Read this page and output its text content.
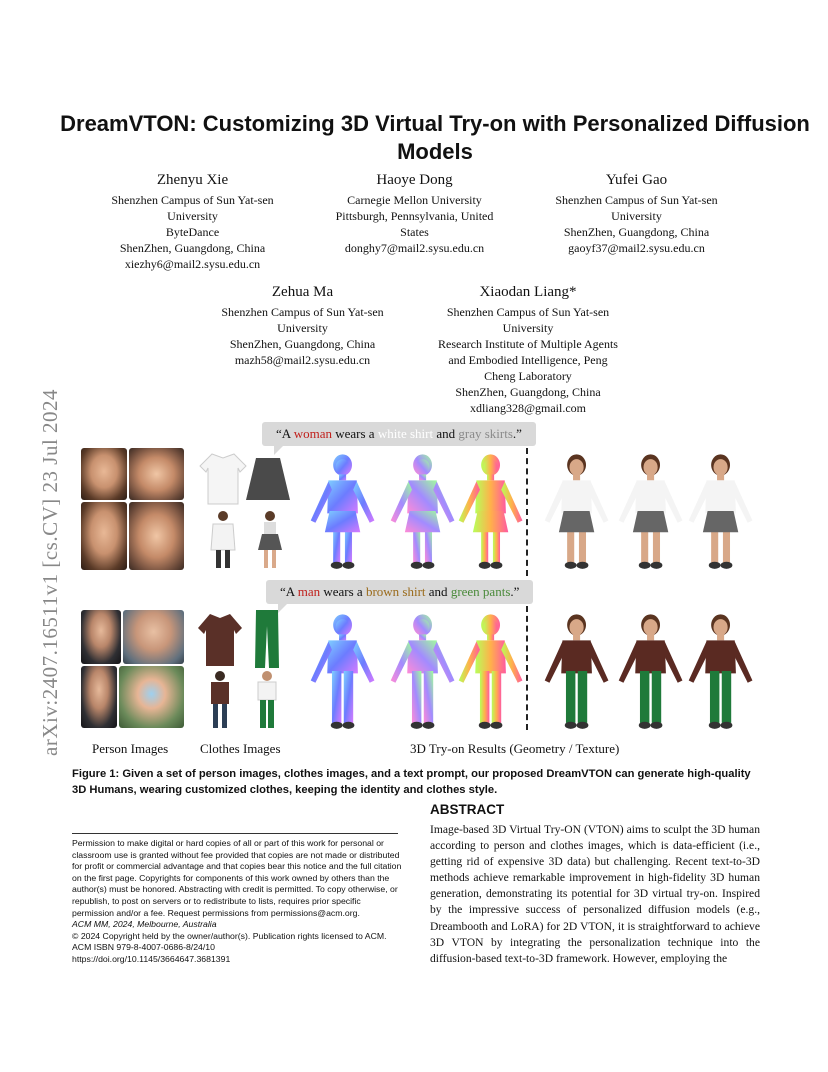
DreamVTON: Customizing 3D Virtual Try-on with Personalized Diffusion Models
Zhenyu Xie
Shenzhen Campus of Sun Yat-sen
University
ByteDance
ShenZhen, Guangdong, China
xiezhy6@mail2.sysu.edu.cn
Haoye Dong
Carnegie Mellon University
Pittsburgh, Pennsylvania, United
States
donghy7@mail2.sysu.edu.cn
Yufei Gao
Shenzhen Campus of Sun Yat-sen
University
ShenZhen, Guangdong, China
gaoyf37@mail2.sysu.edu.cn
Zehua Ma
Shenzhen Campus of Sun Yat-sen
University
ShenZhen, Guangdong, China
mazh58@mail2.sysu.edu.cn
Xiaodan Liang*
Shenzhen Campus of Sun Yat-sen
University
Research Institute of Multiple Agents
and Embodied Intelligence, Peng
Cheng Laboratory
ShenZhen, Guangdong, China
xdliang328@gmail.com
arXiv:2407.16511v1 [cs.CV] 23 Jul 2024	“A woman wears a white shirt and gray skirts.”
“A man wears a brown shirt and green pants.”
Person Images Clothes Images	3D Try-on Results (Geometry / Texture)
Figure 1: Given a set of person images, clothes images, and a text prompt, our proposed DreamVTON can generate high-quality 3D Humans, wearing customized clothes, keeping the identity and clothes style.
ABSTRACT
Image-based 3D Virtual Try-ON (VTON) aims to sculpt the 3D human according to person and clothes images, which is data-efficient (i.e., getting rid of expensive 3D data) but challenging. Recent text-to-3D methods achieve remarkable improvement in high-fidelity 3D human generation, demonstrating its potential for 3D virtual try-on. Inspired by the impressive success of personalized diffusion models (e.g., Dreambooth and LoRA) for 2D VTON, it is straightforward to achieve 3D VTON by integrating the personalization technique into the diffusion-based text-to-3D framework. However, employing the
Permission to make digital or hard copies of all or part of this work for personal or classroom use is granted without fee provided that copies are not made or distributed for profit or commercial advantage and that copies bear this notice and the full citation on the first page. Copyrights for components of this work owned by others than the author(s) must be honored. Abstracting with credit is permitted. To copy otherwise, or republish, to post on servers or to redistribute to lists, requires prior specific permission and/or a fee. Request permissions from permissions@acm.org.
ACM MM, 2024, Melbourne, Australia
© 2024 Copyright held by the owner/author(s). Publication rights licensed to ACM.
ACM ISBN 979-8-4007-0686-8/24/10
https://doi.org/10.1145/3664647.3681391
